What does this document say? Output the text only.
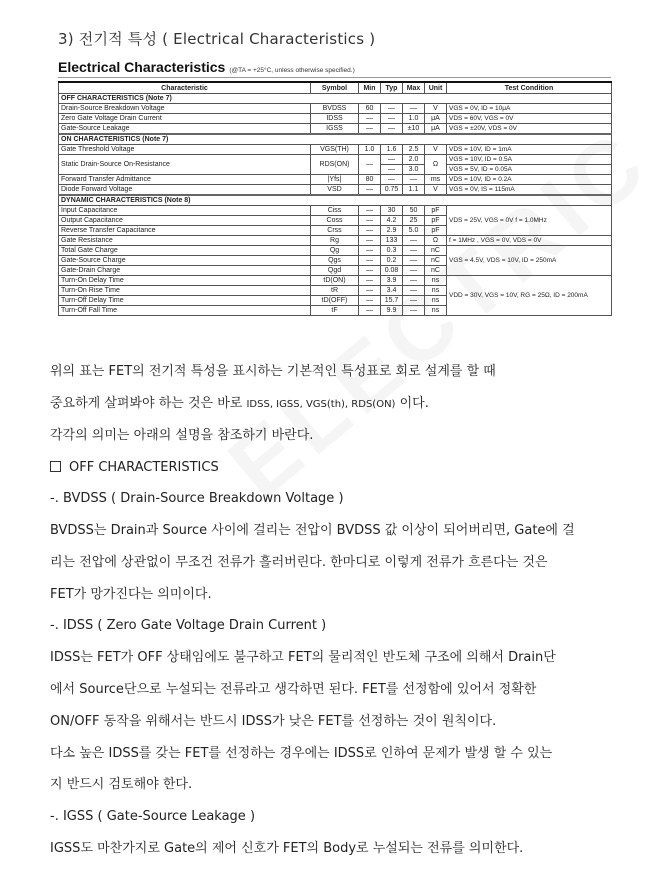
3) 전기적 특성 ( Electrical Characteristics )
Electrical Characteristics (@TA = +25°C, unless otherwise specified.)
Characteristic	Symbol	Min	Typ	Max	Unit	Test Condition
OFF CHARACTERISTICS (Note 7)						
Drain-Source Breakdown Voltage	BVDSS	60	—	—	V	VGS = 0V, ID = 10μA
Zero Gate Voltage Drain Current	IDSS	—	—	1.0	μA	VDS = 60V, VGS = 0V
Gate-Source Leakage	IGSS	—	—	±10	μA	VGS = ±20V, VDS = 0V
ON CHARACTERISTICS (Note 7)						
Gate Threshold Voltage	VGS(TH)	1.0	1.6	2.5	V	VDS = 10V, ID = 1mA
Static Drain-Source On-Resistance	RDS(ON)	—	—	2.0	Ω	VGS = 10V, ID = 0.5A
			—	3.0		VGS = 5V, ID = 0.05A
Forward Transfer Admittance	|Yfs|	80	—	—	ms	VDS = 10V, ID = 0.2A
Diode Forward Voltage	VSD	—	0.75	1.1	V	VGS = 0V, IS = 115mA
DYNAMIC CHARACTERISTICS (Note 8)						
Input Capacitance	Ciss	—	30	50	pF	VDS = 25V, VGS = 0V f = 1.0MHz
Output Capacitance	Coss	—	4.2	25	pF	
Reverse Transfer Capacitance	Crss	—	2.9	5.0	pF	
Gate Resistance	Rg	—	133	—	Ω	f = 1MHz , VGS = 0V, VDS = 0V
Total Gate Charge	Qg	—	0.3	—	nC	VGS = 4.5V, VDS = 10V, ID = 250mA
Gate-Source Charge	Qgs	—	0.2	—	nC	
Gate-Drain Charge	Qgd	—	0.08	—	nC	
Turn-On Delay Time	tD(ON)	—	3.9	—	ns	VDD = 30V, VGS = 10V, RG = 25Ω, ID = 200mA
Turn-On Rise Time	tR	—	3.4	—	ns	
Turn-Off Delay Time	tD(OFF)	—	15.7	—	ns	
Turn-Off Fall Time	tF	—	9.9	—	ns	
위의 표는 FET의 전기적 특성을 표시하는 기본적인 특성표로 회로 설계를 할 때
중요하게 살펴봐야 하는 것은 바로 IDSS, IGSS, VGS(th), RDS(ON) 이다.
각각의 의미는 아래의 설명을 참조하기 바란다.
OFF CHARACTERISTICS
-. BVDSS ( Drain-Source Breakdown Voltage )
BVDSS는 Drain과 Source 사이에 걸리는 전압이 BVDSS 값 이상이 되어버리면, Gate에 걸
리는 전압에 상관없이 무조건 전류가 흘러버린다. 한마디로 이렇게 전류가 흐른다는 것은
FET가 망가진다는 의미이다.
-. IDSS ( Zero Gate Voltage Drain Current )
IDSS는 FET가 OFF 상태임에도 불구하고 FET의 물리적인 반도체 구조에 의해서 Drain단
에서 Source단으로 누설되는 전류라고 생각하면 된다. FET를 선정함에 있어서 정확한
ON/OFF 동작을 위해서는 반드시 IDSS가 낮은 FET를 선정하는 것이 원칙이다.
다소 높은 IDSS를 갖는 FET를 선정하는 경우에는 IDSS로 인하여 문제가 발생 할 수 있는
지 반드시 검토해야 한다.
-. IGSS ( Gate-Source Leakage )
IGSS도 마찬가지로 Gate의 제어 신호가 FET의 Body로 누설되는 전류를 의미한다.
